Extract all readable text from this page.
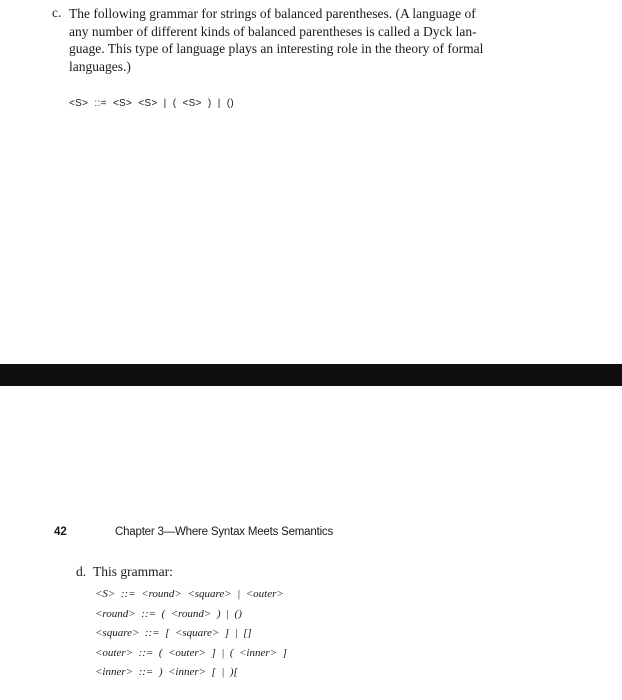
c. The following grammar for strings of balanced parentheses. (A language of
any number of different kinds of balanced parentheses is called a Dyck lan-
guage. This type of language plays an interesting role in the theory of formal
languages.)
<S>  ::=  <S>  <S>  |  (  <S>  )  |  ()
42	Chapter 3—Where Syntax Meets Semantics
d. This grammar:
<S>  ::=  <round>  <square>  |  <outer>
<round>  ::=  (  <round>  )  |  ()
<square>  ::=  [  <square>  ]  |  []
<outer>  ::=  (  <outer>  ]  |  (  <inner>  ]
<inner>  ::=  )  <inner>  [  |  )[
